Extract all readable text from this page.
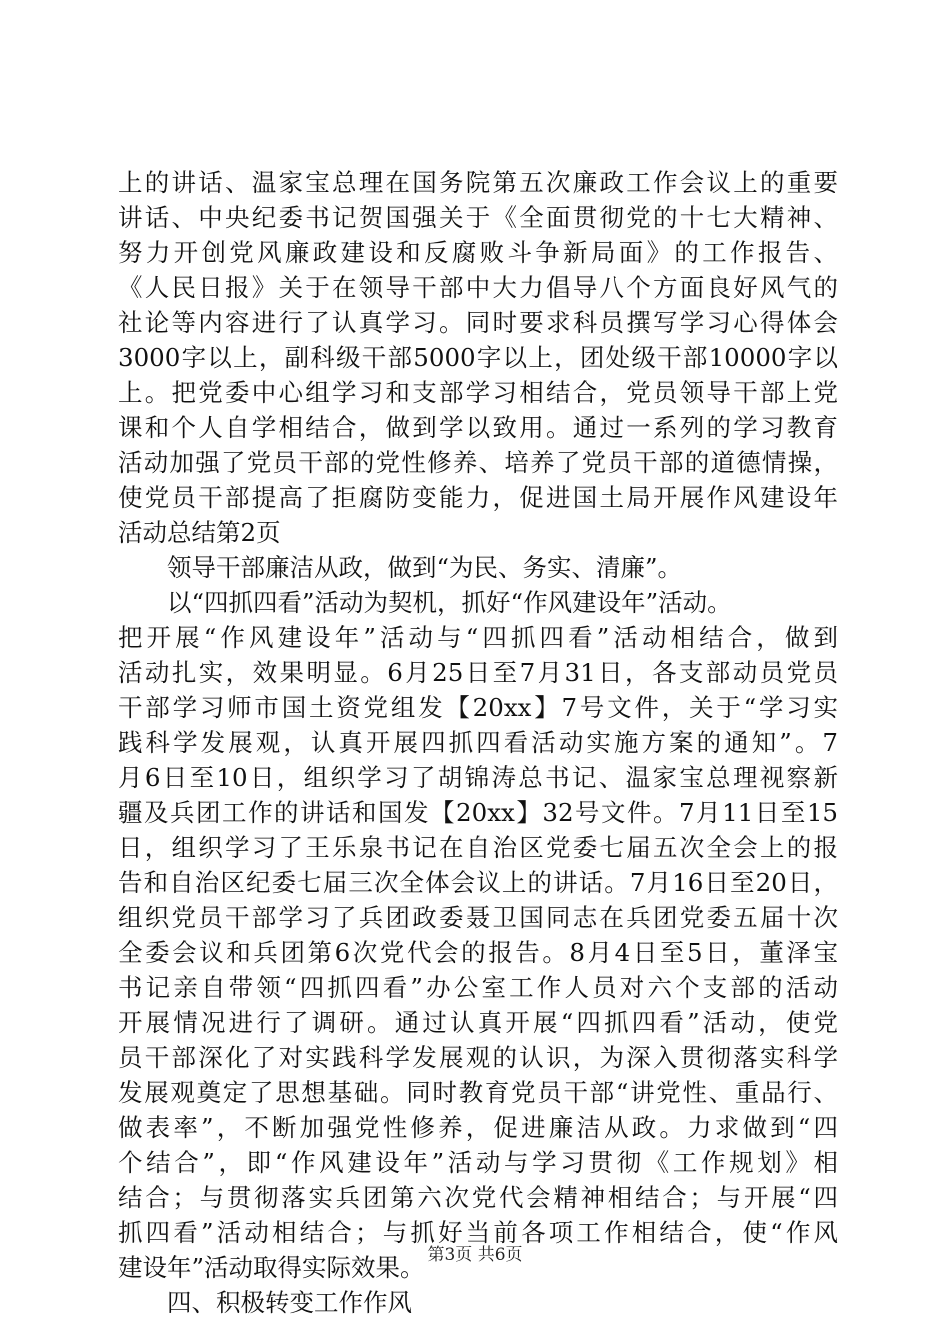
上的讲话、温家宝总理在国务院第五次廉政工作会议上的重要
讲话、中央纪委书记贺国强关于《全面贯彻党的十七大精神、
努力开创党风廉政建设和反腐败斗争新局面》的工作报告、
《人民日报》关于在领导干部中大力倡导八个方面良好风气的
社论等内容进行了认真学习。同时要求科员撰写学习心得体会
3000字以上，副科级干部5000字以上，团处级干部10000字以
上。把党委中心组学习和支部学习相结合，党员领导干部上党
课和个人自学相结合，做到学以致用。通过一系列的学习教育
活动加强了党员干部的党性修养、培养了党员干部的道德情操，
使党员干部提高了拒腐防变能力，促进国土局开展作风建设年
活动总结第2页
领导干部廉洁从政，做到“为民、务实、清廉”。
以“四抓四看”活动为契机，抓好“作风建设年”活动。
把开展“作风建设年”活动与“四抓四看”活动相结合，做到
活动扎实，效果明显。6月25日至7月31日，各支部动员党员
干部学习师市国土资党组发【20xx】7号文件，关于“学习实
践科学发展观，认真开展四抓四看活动实施方案的通知”。7
月6日至10日，组织学习了胡锦涛总书记、温家宝总理视察新
疆及兵团工作的讲话和国发【20xx】32号文件。7月11日至15
日，组织学习了王乐泉书记在自治区党委七届五次全会上的报
告和自治区纪委七届三次全体会议上的讲话。7月16日至20日，
组织党员干部学习了兵团政委聂卫国同志在兵团党委五届十次
全委会议和兵团第6次党代会的报告。8月4日至5日，董泽宝
书记亲自带领“四抓四看”办公室工作人员对六个支部的活动
开展情况进行了调研。通过认真开展“四抓四看”活动，使党
员干部深化了对实践科学发展观的认识，为深入贯彻落实科学
发展观奠定了思想基础。同时教育党员干部“讲党性、重品行、
做表率”，不断加强党性修养，促进廉洁从政。力求做到“四
个结合”，即“作风建设年”活动与学习贯彻《工作规划》相
结合；与贯彻落实兵团第六次党代会精神相结合；与开展“四
抓四看”活动相结合；与抓好当前各项工作相结合，使“作风
建设年”活动取得实际效果。
四、积极转变工作作风
第3页 共6页
